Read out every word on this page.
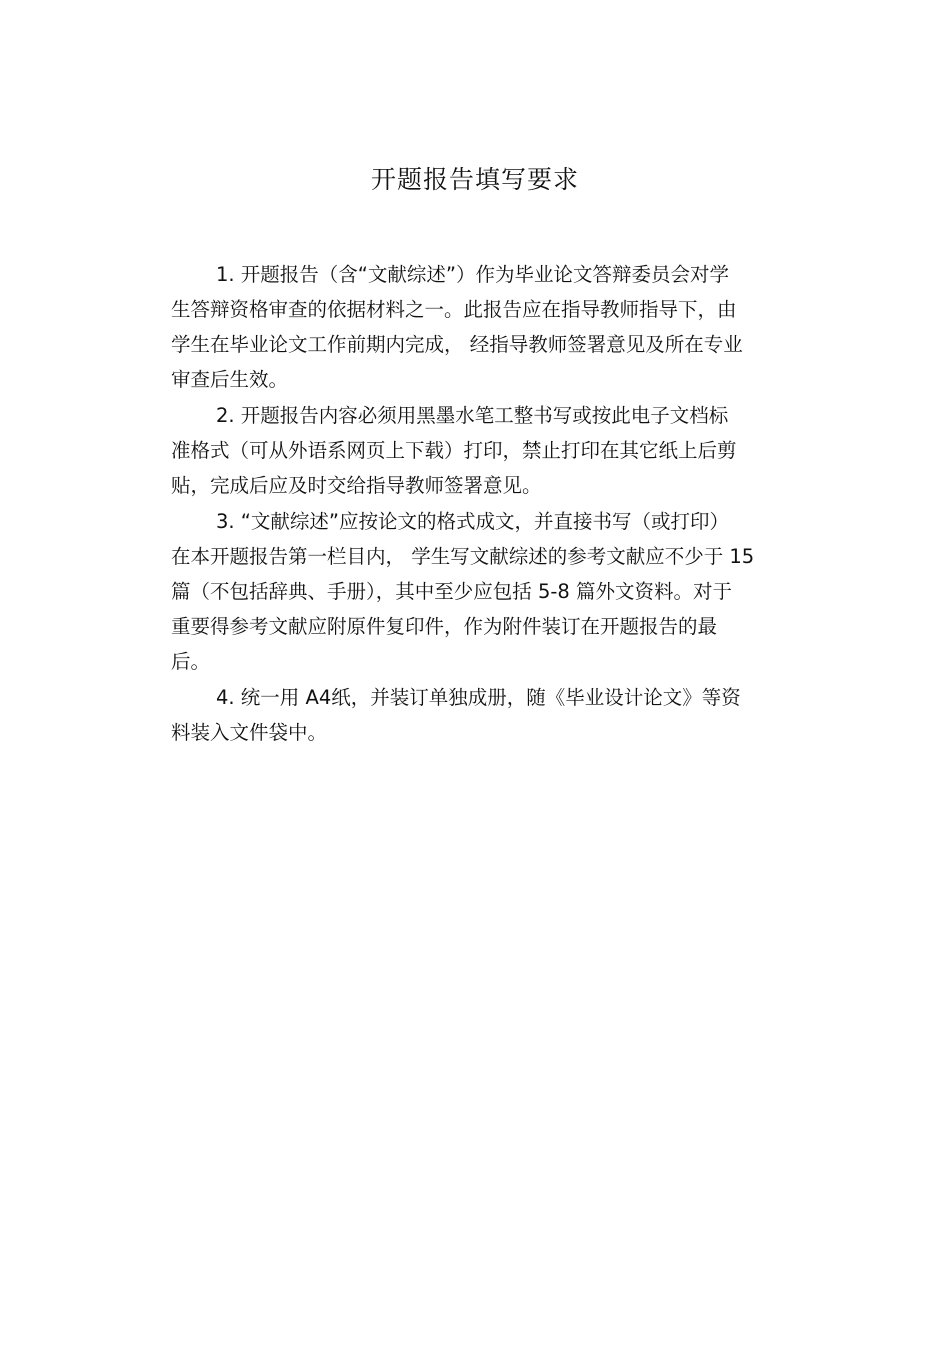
开题报告填写要求
1. 开题报告（含“文献综述”）作为毕业论文答辩委员会对学
生答辩资格审查的依据材料之一。此报告应在指导教师指导下，由
学生在毕业论文工作前期内完成， 经指导教师签署意见及所在专业
审查后生效。
2. 开题报告内容必须用黑墨水笔工整书写或按此电子文档标
准格式（可从外语系网页上下载）打印，禁止打印在其它纸上后剪
贴，完成后应及时交给指导教师签署意见。
3. “文献综述”应按论文的格式成文，并直接书写（或打印）
在本开题报告第一栏目内， 学生写文献综述的参考文献应不少于 15
篇（不包括辞典、手册），其中至少应包括 5-8 篇外文资料。对于
重要得参考文献应附原件复印件，作为附件装订在开题报告的最
后。
4. 统一用 A4纸，并装订单独成册，随《毕业设计论文》等资
料装入文件袋中。
